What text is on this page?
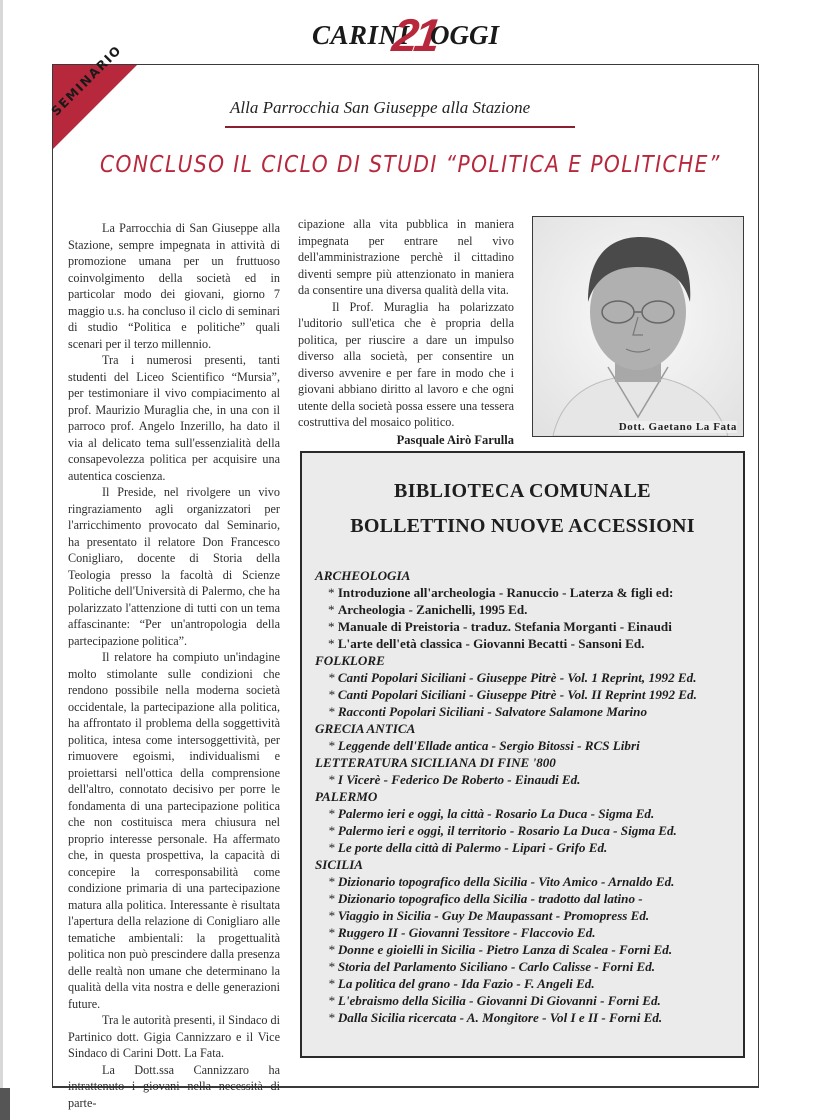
CARINI
21
OGGI
SEMINARIO	Alla Parrocchia San Giuseppe alla Stazione
CONCLUSO IL CICLO DI STUDI “POLITICA E POLITICHE”

La Parrocchia di San Giuseppe alla Stazione, sempre impegnata in attività di promozione umana per un fruttuoso coinvolgimento della società ed in particolar modo dei giovani, giorno 7 maggio u.s. ha concluso il ciclo di seminari di studio “Politica e politiche” quali scenari per il terzo millennio.

Tra i numerosi presenti, tanti studenti del Liceo Scientifico “Mursia”, per testimoniare il vivo compiacimento al prof. Maurizio Muraglia che, in una con il parroco prof. Angelo Inzerillo, ha dato il via al delicato tema sull'essenzialità della consapevolezza politica per acquisire una autentica coscienza.

Il Preside, nel rivolgere un vivo ringraziamento agli organizzatori per l'arricchimento provocato dal Seminario, ha presentato il relatore Don Francesco Conigliaro, docente di Storia della Teologia presso la facoltà di Scienze Politiche dell'Università di Palermo, che ha polarizzato l'attenzione di tutti con un tema affascinante: “Per un'antropologia della partecipazione politica”.

Il relatore ha compiuto un'indagine molto stimolante sulle condizioni che rendono possibile nella moderna società occidentale, la partecipazione alla politica, ha affrontato il problema della soggettività politica, intesa come intersoggettività, per rimuovere egoismi, individualismi e proiettarsi nell'ottica della comprensione dell'altro, connotato decisivo per porre le fondamenta di una partecipazione politica che non costituisca mera chiusura nel proprio interesse personale. Ha affermato che, in questa prospettiva, la capacità di concepire la corresponsabilità come condizione primaria di una partecipazione matura alla politica. Interessante è risultata l'apertura della relazione di Conigliaro alle tematiche ambientali: la progettualità politica non può prescindere dalla presenza delle realtà non umane che determinano la qualità della vita nostra e delle generazioni future.

Tra le autorità presenti, il Sindaco di Partinico dott. Gigia Cannizzaro e il Vice Sindaco di Carini Dott. La Fata.

La Dott.ssa Cannizzaro ha intrattenuto i giovani nella necessità di parte-

cipazione alla vita pubblica in maniera impegnata per entrare nel vivo dell'amministrazione perchè il cittadino diventi sempre più attenzionato in maniera da consentire una diversa qualità della vita.

Il Prof. Muraglia ha polarizzato l'uditorio sull'etica che è propria della politica, per riuscire a dare un impulso diverso alla società, per consentire un diverso avvenire e per fare in modo che i giovani abbiano diritto al lavoro e che ogni utente della società possa essere una tessera costruttiva del mosaico politico.

Pasquale Airò Farulla
Dott. Gaetano La Fata
BIBLIOTECA COMUNALE
BOLLETTINO NUOVE ACCESSIONI
ARCHEOLOGIA
* Introduzione all'archeologia - Ranuccio - Laterza & figli ed:
* Archeologia - Zanichelli, 1995 Ed.
* Manuale di Preistoria - traduz. Stefania Morganti - Einaudi
* L'arte dell'età classica - Giovanni Becatti - Sansoni Ed.
FOLKLORE
* Canti Popolari Siciliani - Giuseppe Pitrè - Vol. 1 Reprint, 1992 Ed.
* Canti Popolari Siciliani - Giuseppe Pitrè - Vol. II Reprint 1992 Ed.
* Racconti Popolari Siciliani - Salvatore Salamone Marino
GRECIA ANTICA
* Leggende dell'Ellade antica - Sergio Bitossi - RCS Libri
LETTERATURA SICILIANA DI FINE '800
* I Vicerè - Federico De Roberto - Einaudi Ed.
PALERMO
* Palermo ieri e oggi, la città - Rosario La Duca - Sigma Ed.
* Palermo ieri e oggi, il territorio - Rosario La Duca - Sigma Ed.
* Le porte della città di Palermo - Lipari - Grifo Ed.
SICILIA
* Dizionario topografico della Sicilia - Vito Amico - Arnaldo Ed.
* Dizionario topografico della Sicilia - tradotto dal latino -
* Viaggio in Sicilia - Guy De Maupassant - Promopress Ed.
* Ruggero II - Giovanni Tessitore - Flaccovio Ed.
* Donne e gioielli in Sicilia - Pietro Lanza di Scalea - Forni Ed.
* Storia del Parlamento Siciliano - Carlo Calisse - Forni Ed.
* La politica del grano - Ida Fazio - F. Angeli Ed.
* L'ebraismo della Sicilia - Giovanni Di Giovanni - Forni Ed.
* Dalla Sicilia ricercata - A. Mongitore - Vol I e II - Forni Ed.
